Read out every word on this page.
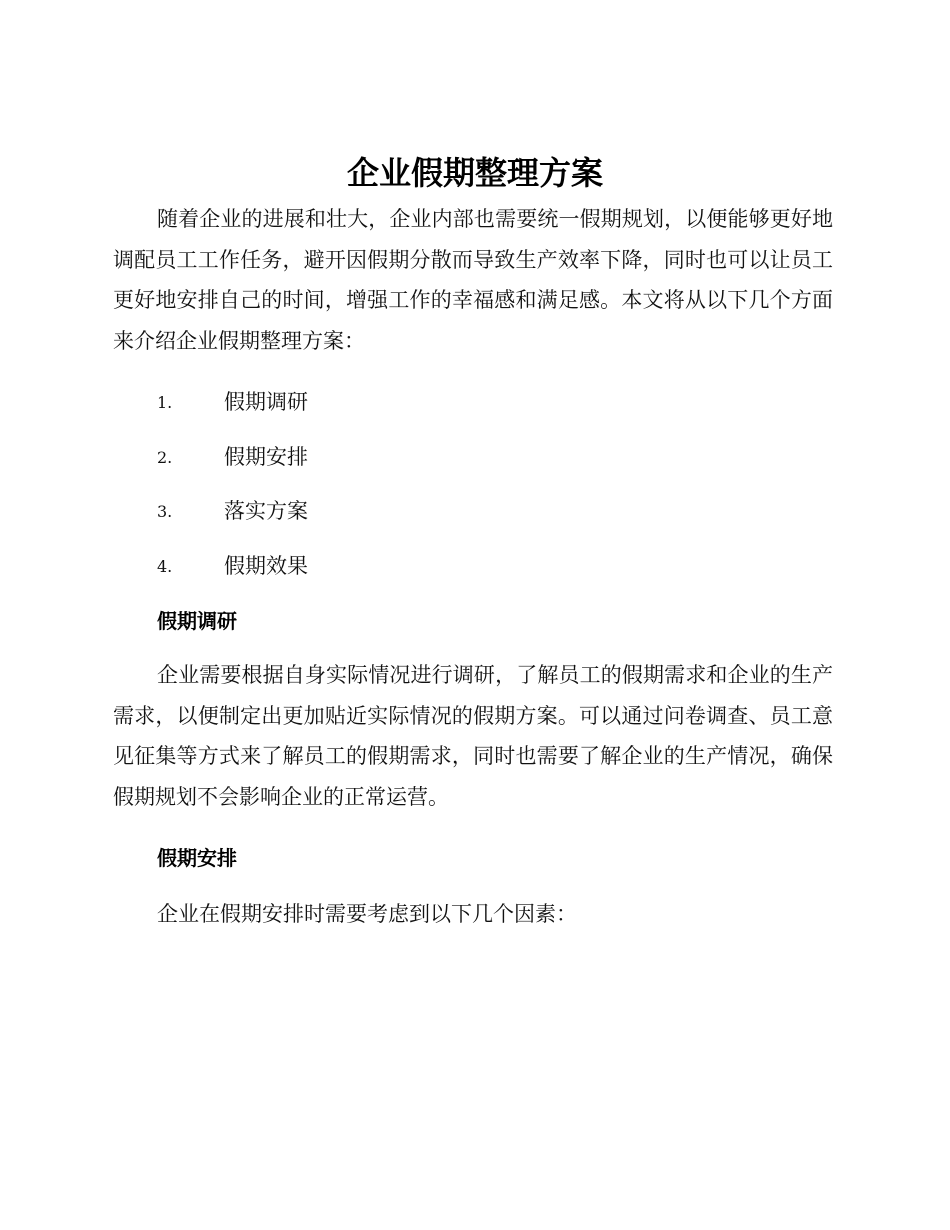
企业假期整理方案

随着企业的进展和壮大，企业内部也需要统一假期规划，以便能够更好地调配员工工作任务，避开因假期分散而导致生产效率下降，同时也可以让员工更好地安排自己的时间，增强工作的幸福感和满足感。本文将从以下几个方面来介绍企业假期整理方案：

1. 假期调研
2. 假期安排
3. 落实方案
4. 假期效果
假期调研

企业需要根据自身实际情况进行调研，了解员工的假期需求和企业的生产需求，以便制定出更加贴近实际情况的假期方案。可以通过问卷调查、员工意见征集等方式来了解员工的假期需求，同时也需要了解企业的生产情况，确保假期规划不会影响企业的正常运营。

假期安排

企业在假期安排时需要考虑到以下几个因素：
